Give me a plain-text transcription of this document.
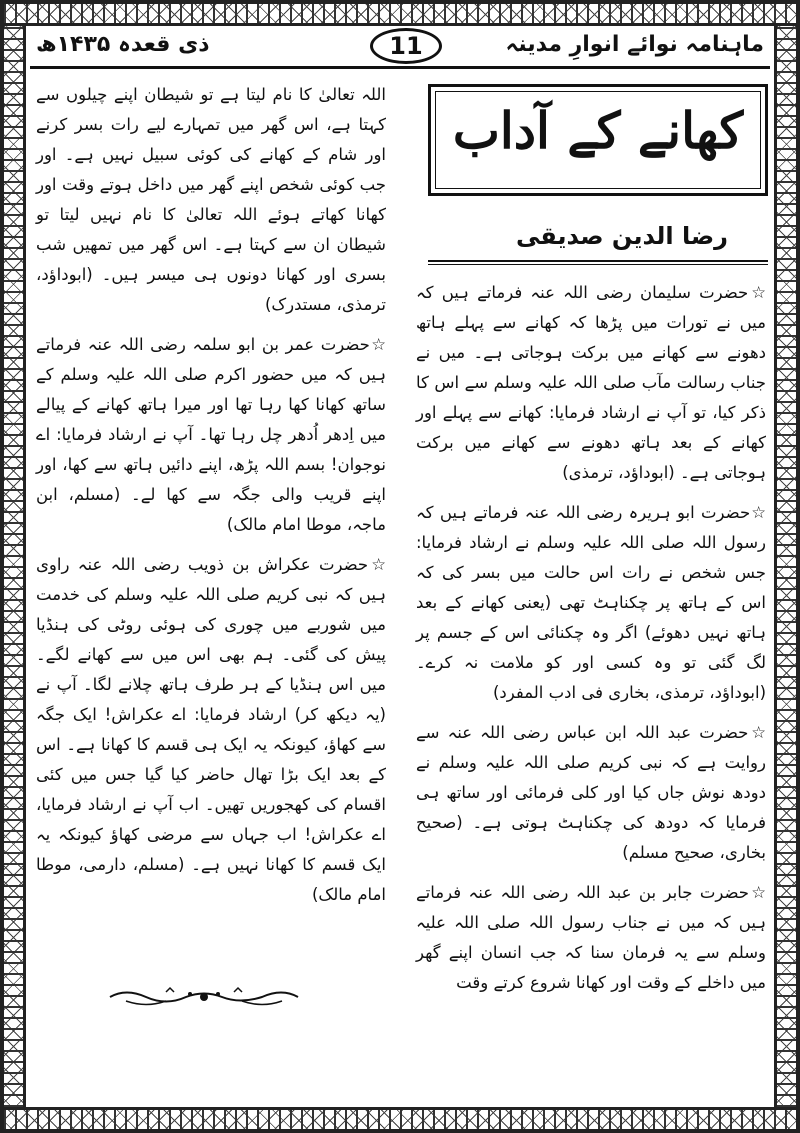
ماہنامہ نوائے انوارِ مدینہ
11
ذی قعدہ ۱۴۳۵ھ
کھانے کے آداب
رضا الدین صدیقی

☆حضرت سلیمان رضی اللہ عنہ فرماتے ہیں کہ میں نے تورات میں پڑھا کہ کھانے سے پہلے ہاتھ دھونے سے کھانے میں برکت ہوجاتی ہے۔ میں نے جناب رسالت مآب صلی اللہ علیہ وسلم سے اس کا ذکر کیا، تو آپ نے ارشاد فرمایا: کھانے سے پہلے اور کھانے کے بعد ہاتھ دھونے سے کھانے میں برکت ہوجاتی ہے۔ (ابوداؤد، ترمذی)

☆حضرت ابو ہریرہ رضی اللہ عنہ فرماتے ہیں کہ رسول اللہ صلی اللہ علیہ وسلم نے ارشاد فرمایا: جس شخص نے رات اس حالت میں بسر کی کہ اس کے ہاتھ پر چکناہٹ تھی (یعنی کھانے کے بعد ہاتھ نہیں دھوئے) اگر وہ چکنائی اس کے جسم پر لگ گئی تو وہ کسی اور کو ملامت نہ کرے۔ (ابوداؤد، ترمذی، بخاری فی ادب المفرد)

☆حضرت عبد اللہ ابن عباس رضی اللہ عنہ سے روایت ہے کہ نبی کریم صلی اللہ علیہ وسلم نے دودھ نوش جاں کیا اور کلی فرمائی اور ساتھ ہی فرمایا کہ دودھ کی چکناہٹ ہوتی ہے۔ (صحیح بخاری، صحیح مسلم)

☆حضرت جابر بن عبد اللہ رضی اللہ عنہ فرماتے ہیں کہ میں نے جناب رسول اللہ صلی اللہ علیہ وسلم سے یہ فرمان سنا کہ جب انسان اپنے گھر میں داخلے کے وقت اور کھانا شروع کرتے وقت

اللہ تعالیٰ کا نام لیتا ہے تو شیطان اپنے چیلوں سے کہتا ہے، اس گھر میں تمہارے لیے رات بسر کرنے اور شام کے کھانے کی کوئی سبیل نہیں ہے۔ اور جب کوئی شخص اپنے گھر میں داخل ہوتے وقت اور کھانا کھاتے ہوئے اللہ تعالیٰ کا نام نہیں لیتا تو شیطان ان سے کہتا ہے۔ اس گھر میں تمھیں شب بسری اور کھانا دونوں ہی میسر ہیں۔ (ابوداؤد، ترمذی، مستدرک)

☆حضرت عمر بن ابو سلمہ رضی اللہ عنہ فرماتے ہیں کہ میں حضور اکرم صلی اللہ علیہ وسلم کے ساتھ کھانا کھا رہا تھا اور میرا ہاتھ کھانے کے پیالے میں اِدھر اُدھر چل رہا تھا۔ آپ نے ارشاد فرمایا: اے نوجوان! بسم اللہ پڑھ، اپنے دائیں ہاتھ سے کھا، اور اپنے قریب والی جگہ سے کھا لے۔ (مسلم، ابن ماجہ، موطا امام مالک)

☆حضرت عکراش بن ذویب رضی اللہ عنہ راوی ہیں کہ نبی کریم صلی اللہ علیہ وسلم کی خدمت میں شوربے میں چوری کی ہوئی روٹی کی ہنڈیا پیش کی گئی۔ ہم بھی اس میں سے کھانے لگے۔ میں اس ہنڈیا کے ہر طرف ہاتھ چلانے لگا۔ آپ نے (یہ دیکھ کر) ارشاد فرمایا: اے عکراش! ایک جگہ سے کھاؤ، کیونکہ یہ ایک ہی قسم کا کھانا ہے۔ اس کے بعد ایک بڑا تھال حاضر کیا گیا جس میں کئی اقسام کی کھجوریں تھیں۔ اب آپ نے ارشاد فرمایا، اے عکراش! اب جہاں سے مرضی کھاؤ کیونکہ یہ ایک قسم کا کھانا نہیں ہے۔ (مسلم، دارمی، موطا امام مالک)
